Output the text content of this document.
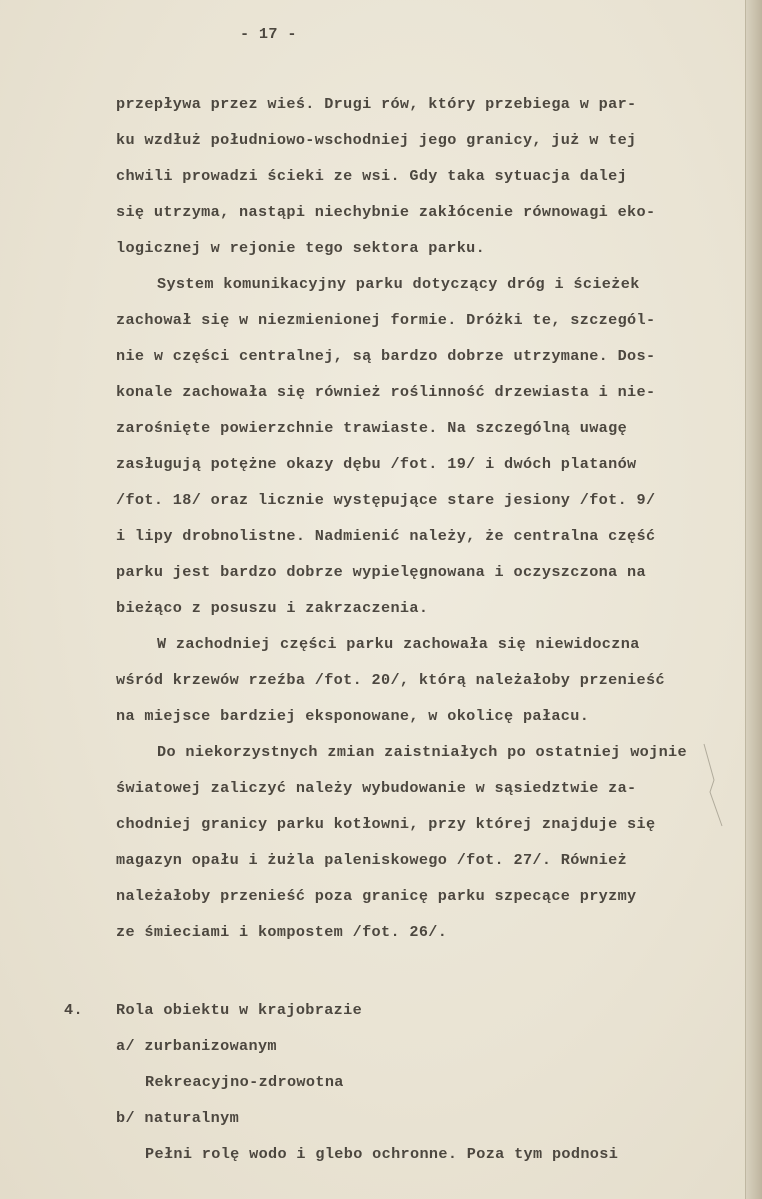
- 17 -
przepływa przez wieś. Drugi rów, który przebiega w par-
ku wzdłuż południowo-wschodniej jego granicy, już w tej
chwili prowadzi ścieki ze wsi. Gdy taka sytuacja dalej
się utrzyma, nastąpi niechybnie zakłócenie równowagi eko-
logicznej w rejonie tego sektora parku.
System komunikacyjny parku dotyczący dróg i ścieżek
zachował się w niezmienionej formie. Dróżki te, szczegól-
nie w części centralnej, są bardzo dobrze utrzymane. Dos-
konale zachowała się również roślinność drzewiasta i nie-
zarośnięte powierzchnie trawiaste. Na szczególną uwagę
zasługują potężne okazy dębu /fot. 19/ i dwóch platanów
/fot. 18/ oraz licznie występujące stare jesiony /fot. 9/
i lipy drobnolistne. Nadmienić należy, że centralna część
parku jest bardzo dobrze wypielęgnowana i oczyszczona na
bieżąco z posuszu i zakrzaczenia.
W zachodniej części parku zachowała się niewidoczna
wśród krzewów rzeźba /fot. 20/, którą należałoby przenieść
na miejsce bardziej eksponowane, w okolicę pałacu.
Do niekorzystnych zmian zaistniałych po ostatniej wojnie
światowej zaliczyć należy wybudowanie w sąsiedztwie za-
chodniej granicy parku kotłowni, przy której znajduje się
magazyn opału i żużla paleniskowego /fot. 27/. Również
należałoby przenieść poza granicę parku szpecące pryzmy
ze śmieciami i kompostem /fot. 26/.
4. Rola obiektu w krajobrazie
a/ zurbanizowanym
Rekreacyjno-zdrowotna
b/ naturalnym
Pełni rolę wodo i glebo ochronne. Poza tym podnosi
